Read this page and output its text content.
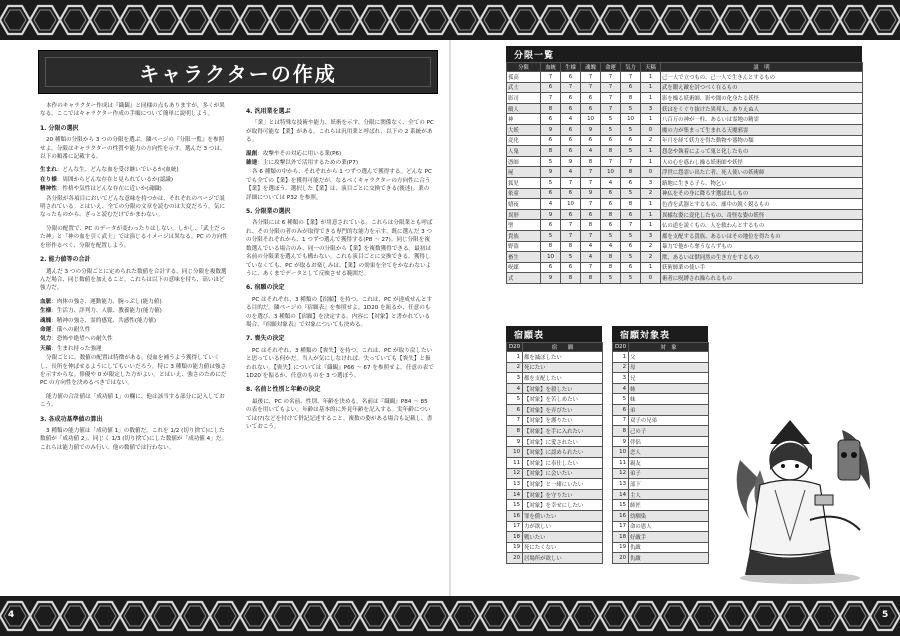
4	5
キャラクターの作成

本作のキャラクター作成は『織観』と同様の点もありますが、多くが異なる。ここではキャラクター作成の手順について簡単に説明しよう。

1. 分限の選択

20 種類の分限から 3 つの分限を選ぶ。隣ページの『分限一覧』を参照せよ。分限はキャラクターの性質や能力の方向性を示す。選んだ 3 つは、以下の順番に記載する。

生まれ：どんな生、どんな血を受け継いでいるか(血統)

在り様：周囲からどんな存在と見られているか(認識)

精神性：性格や気性はどんな存在に近いか(魂職)

各分限が各項目においてどんな意味を持つかは、それぞれのページで説明されている。とはいえ、全ての分限の文章を読むのは大変だろう。気になったものから、ざっと読むだけでかまわない。

分限の配置で、PC のデータが変わったりはしない。しかし、「武士だった神」と「神の血を引く武士」では演じるイメージは異なる。PC の方向性を形作るべく、分限を配置しよう。

2. 能力値等の合計

選んだ 3 つの分限ごとに定められた数値を合計する。同じ分限を複数選んだ場合、同じ数値を加えること。これらは以下の意味を持ち、高いほど強力だ。

血脈：肉体の強さ、運動能力、腕っぷし(能力値)

生様：生活力、評判力、人脈、教養能力(能力値)

魂魄：精神の強さ、霊的感覚、共感性(能力値)

命運：儀への耐久性

気力：恐怖や絶望への耐久性

天稿：生まれ持った強運

分限ごとに、数値の配置は特徴がある。侵血を補うよう獲得していくし、長所を伸ばせるようにしてもいいだろう。特に 3 種類の能力値は強さを示すからな。俳優や 0 が限定した方がよい。とはいえ、強さのためにだ PC の方向性を決めるべきではない。

能力値の合計値は「成功値 1」の欄に、他は該当する部分に記入しておこう。

3. 各成功基準値の算出

3 種類の能力値は「成功値 1」の数値だ。これを 1/2 (切り捨て)にした数値が「成功値 2」、同じく 1/3 (切り捨て)にした数値が「成功値 4」だ。これらは能力値でのみ行い、他の数値では行わない。

4. 汎用業を選ぶ

「業」とは特殊な技術や能力、妖術を示す。分限に関係なく、全ての PC が取得可能な【業】がある。これらは汎用業と呼ばれ、以下の 2 系統がある。

温創：攻撃やその対応に用いる業(P6)

雑達：主に攻撃以外で活用するための業(P7)

各 6 種類の中から、それぞれから 1 つずつ選んで獲得する。どんな PC でも全ての【業】を獲得可能だが、なるべくキャラクターの方向性に合う【業】を選ぼう。選択した【業】は、演目ごとに交換できる(後述)。業の詳細については P32 を参照。

5. 分限業の選択

各分限には 6 種類の【業】が用意されている。これらは分限業とも呼ばれ、その分限の者のみが取得できる専門的な能力を示す。既に選んだ 3 つの分限それぞれから、1 つずつ選んで獲得する(P8 〜 27)。同じ分限を複数選んでいる場合のみ、同一の分限から【業】を複数獲得できる。最初は名前の分限業を選んでも構わない。これも演目ごとに交換できる。獲得していなくても、PC が取るお楽しみは、【業】の効果を全てをかなわないように、あくまでデータとして反映させる範囲だ。

6. 宿願の決定

PC はそれぞれ、3 種類の【宿願】を持つ。これは、PC が達成せんとする目的だ。隣ページの『宿願表』を参照せよ。1D20 を振るか、任意のものを選び、3 種類の【宿願】を決定する。内容に【対象】と書かれている場合、『宿願対象表』で対象についても決める。

7. 喪失の決定

PC はそれぞれ、3 種類の【喪失】を持つ。これは、PC が取り戻したいと思っている何かだ。当人が気にしなければ、失っていても【喪失】と扱われない。【喪失】については『織観』P66 〜 67 を参照せよ。任意の表で 1D20 を振るか、任意のものを 3 つ選ぼう。

8. 名前と性別と年齢の決定

最後に、PC の名前、性別、年齢を決める。名前は『織観』P84 〜 85 の表を用いてもよい。年齢は基本的に外見年齢を記入する。実年齢については(?)などを付けて併記記述すること。複数の姿がある場合も記載し、書いておこう。

分限一覧
分限	血統	生様	魂魄	命運	気力	天稿	説　明
孤高	7	6	7	7	7	1	己一人で立つもの、己一人で生きんとするもの
武士	6	7	7	7	6	1	武を鍛え敵を討つべく在るもの
影司	7	6	6	7	8	1	影を操る妖術師、影や闇の化身たる妖怪
鵺人	8	6	6	7	5	3	妖はをくぐり抜けた異邦人、ありえぬ人
神	6	4	10	5	10	1	八百万の神が一柱、あるいは霊地の精霊
大妖	9	6	9	5	5	0	魔の力が集まって生まれる天魔邪霊
変化	6	6	6	6	6	2	年月を経て妖力を得た動物や器物の類
人鬼	8	6	4	8	5	1	怨念や執着によって鬼と化したもの
憑師	5	9	8	7	7	1	人の心を惑わし操る妖術師や妖怪
屍	9	4	7	10	8	0	浮世に怨霊い出た亡者、死人使いの妖術師
狐児	5	7	7	4	6	3	路地に生きる子ら、物乞い
依童	6	6	9	6	5	2	神仏をその身に降ろす選ばれしもの
嬉夜	4	10	7	6	8	1	色香を武器とするもの、廓中の鋭く鋭るもの
異形	9	6	6	8	6	1	異様な姿に変化したもの、奇怪な姿の妖怪
聖	6	7	8	6	7	1	仏の道を説くもの、人を救わんとするもの
貴族	5	7	7	5	5	3	都を支配する貴族、あるいはその地位を得たもの
野盗	8	8	4	4	6	2	暴力で他から奪うならずもの
畜生	10	5	4	8	5	2	獣、あるいは獣同然の生き方をするもの
呪媒	6	6	7	8	6	1	妖術師業の使い手
式	9	8	8	5	5	0	術者に呪縛され操られるもの
宿願表
D20	宿　　願
1	都を滅ぼしたい
2	死にたい
3	都を支配したい
4	【対象】を殺したい
5	【対象】を苦しめたい
6	【対象】を弄びたい
7	【対象】を護りたい
8	【対象】を手に入れたい
9	【対象】に愛されたい
10	【対象】に認められたい
11	【対象】に奉仕したい
12	【対象】に会いたい
13	【対象】と一緒にいたい
14	【対象】を守りたい
15	【対象】を幸せにしたい
16	罪を償いたい
17	力が欲しい
18	戦いたい
19	死にたくない
20	居場所が欲しい
宿願対象表
D20	対　象
1	父
2	母
3	兄
4	姉
5	妹
6	弟
7	双子の兄弟
8	己の子
9	伴侶
10	恋人
11	親友
12	弟子
13	部下
14	主人
15	師匠
16	幼馴染
17	命の恩人
18	好敵手
19	仇敵
20	仇敵
